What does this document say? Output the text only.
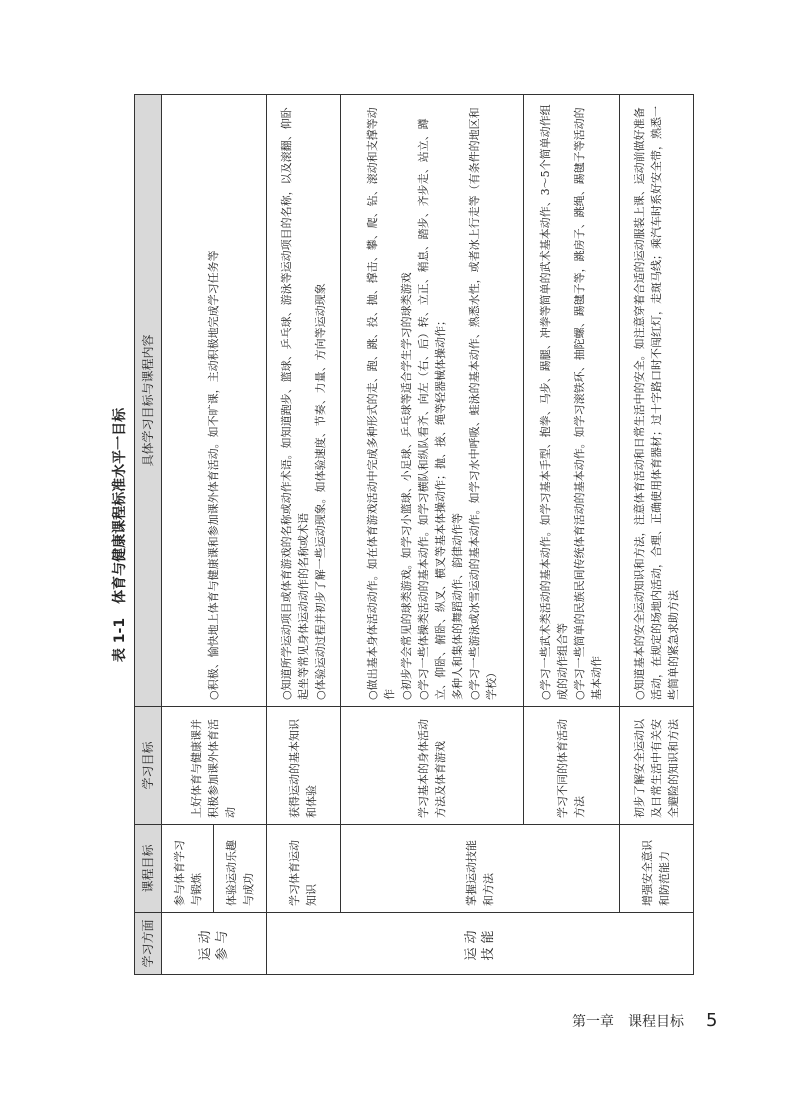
表 1-1体育与健康课程标准水平一目标
学习方面	课程目标	学习目标	具体学习目标与课程内容
运动参与	参与体育学习与锻炼	上好体育与健康课并积极参加课外体育活动	○积极、愉快地上体育与健康课和参加课外体育活动。如不旷课，主动积极地完成学习任务等

	体验运动乐趣与成功		
运动技能	学习体育运动知识	获得运动的基本知识和体验	○知道所学运动项目或体育游戏的名称或动作术语。如知道跑步、篮球、乒乓球、游泳等运动项目的名称，以及滚翻、仰卧起坐等常见身体运动动作的名称或术语 ○体验运动过程并初步了解一些运动现象。如体验速度、节奏、力量、方向等运动现象

	掌握运动技能和方法	学习基本的身体活动方法及体育游戏	○做出基本身体活动动作。如在体育游戏活动中完成多种形式的走、跑、跳、投、抛、撑击、攀、爬、钻、滚动和支撑等动作 ○初步学会常见的球类游戏。如学习小篮球、小足球、乒乓球等适合学生学习的球类游戏 ○学习一些体操类活动的基本动作。如学习横队和纵队看齐、向左（右、后）转、立正、稍息、踏步、齐步走、站立、蹲立、仰卧、俯卧、纵叉、横叉等基本体操动作；抛、接、绳等轻器械体操动作； 多种人和集体的舞蹈动作、韵律动作等 ○学习一些游泳或冰雪运动的基本动作。如学习水中呼吸、蛙泳的基本动作、熟悉水性，或者冰上行走等（有条件的地区和学校）

		学习不同的体育活动方法	○学习一些武术类活动的基本动作。如学习基本手型、抱拳、马步、踢腿、冲拳等简单的武术基本动作、3～5个简单动作组成的动作组合等 ○学习一些简单的民族民间传统体育活动的基本动作。如学习滚铁环、抽陀螺、踢毽子等，跳房子、跳绳、踢毽子等活动的基本动作

	增强安全意识和防范能力	初步了解安全运动以及日常生活中有关安全避险的知识和方法	○知道基本的安全运动知识和方法，注意体育活动和日常生活中的安全。如注意穿着合适的运动服装上课、运动前做好准备活动，在规定的场地内活动，合理、正确使用体育器材；过十字路口时不闯红灯，走斑马线；乘汽车时系好安全带，熟悉一些简单的紧急求助方法
第一章　课程目标	5
